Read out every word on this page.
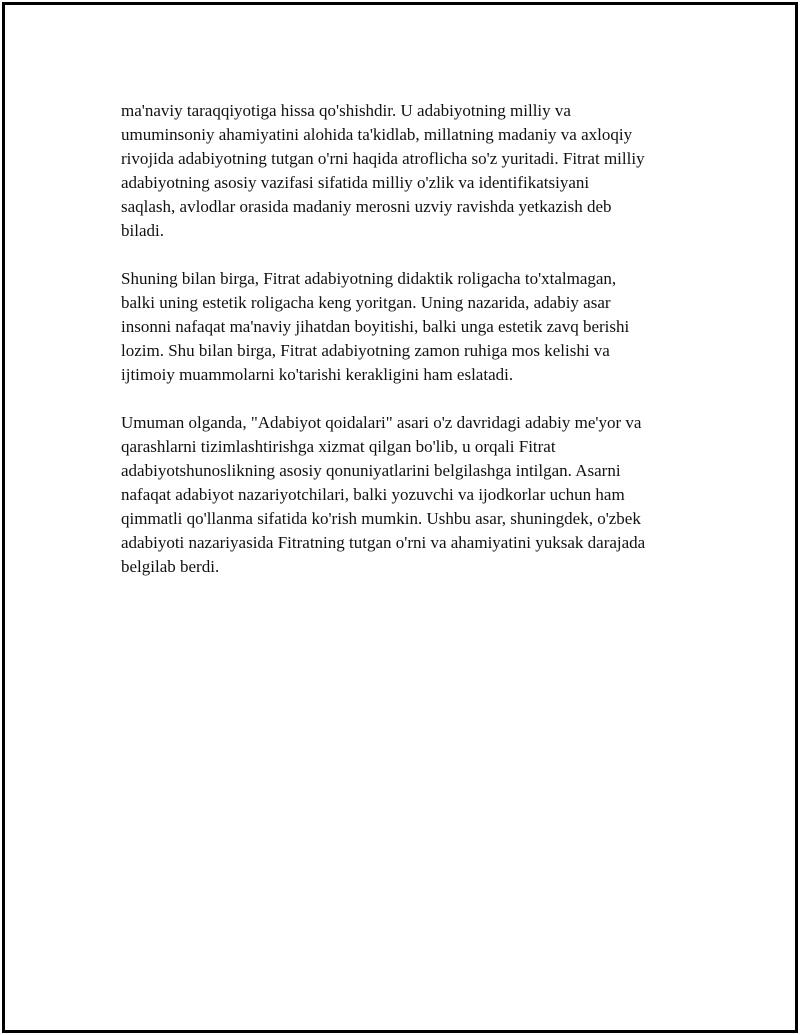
ma'naviy taraqqiyotiga hissa qo'shishdir. U adabiyotning milliy va
umuminsoniy ahamiyatini alohida ta'kidlab, millatning madaniy va axloqiy
rivojida adabiyotning tutgan o'rni haqida atroflicha so'z yuritadi. Fitrat milliy
adabiyotning asosiy vazifasi sifatida milliy o'zlik va identifikatsiyani
saqlash, avlodlar orasida madaniy merosni uzviy ravishda yetkazish deb
biladi.

Shuning bilan birga, Fitrat adabiyotning didaktik roligacha to'xtalmagan,
balki uning estetik roligacha keng yoritgan. Uning nazarida, adabiy asar
insonni nafaqat ma'naviy jihatdan boyitishi, balki unga estetik zavq berishi
lozim. Shu bilan birga, Fitrat adabiyotning zamon ruhiga mos kelishi va
ijtimoiy muammolarni ko'tarishi kerakligini ham eslatadi.

Umuman olganda, "Adabiyot qoidalari" asari o'z davridagi adabiy me'yor va
qarashlarni tizimlashtirishga xizmat qilgan bo'lib, u orqali Fitrat
adabiyotshunoslikning asosiy qonuniyatlarini belgilashga intilgan. Asarni
nafaqat adabiyot nazariyotchilari, balki yozuvchi va ijodkorlar uchun ham
qimmatli qo'llanma sifatida ko'rish mumkin. Ushbu asar, shuningdek, o'zbek
adabiyoti nazariyasida Fitratning tutgan o'rni va ahamiyatini yuksak darajada
belgilab berdi.
